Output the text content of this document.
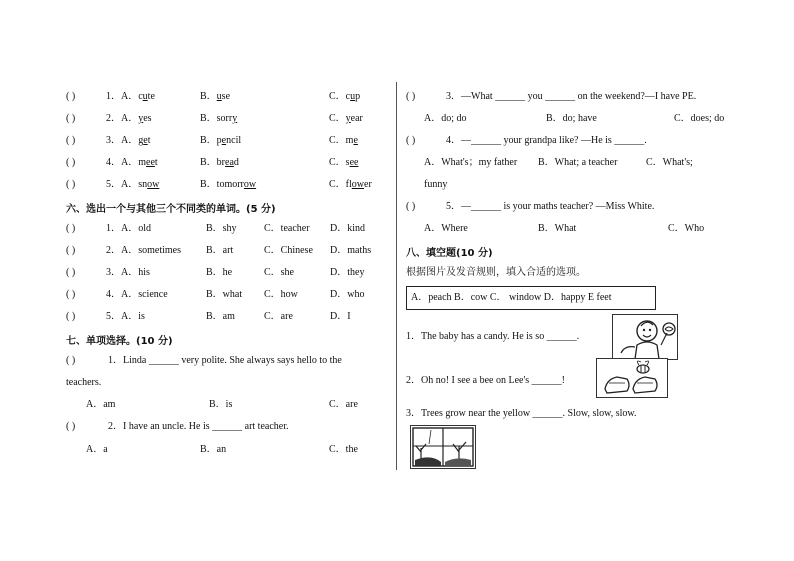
( )	1．A．cute	B．use	C．cup
( )	2．A．yes	B．sorry	C．year
( )	3．A．get	B．pencil	C．me
( )	4．A．meet	B．bread	C．see
( )	5．A．snow	B．tomorrow	C．flower
六、选出一个与其他三个不同类的单词。(5 分)
( )	1．A．old	B．shy	C．teacher D．kind
( )	2．A．sometimes	B．art	C．Chinese D．maths
( )	3．A．his	B．he	C．she	D．they
( )	4．A．science	B．what C．how	D．who
( )	5．A．is	B．am	C．are	D．I
七、单项选择。(10 分)
( )	1．Linda ______ very polite. She always says hello to the
teachers.
A．am	B．is	C．are
( )	2．I have an uncle. He is ______ art teacher.
A．a	B．an	C．the
( )	3．—What ______ you ______ on the weekend?—I have PE.
A．do; do	B．do; have	C．does; do
( )	4．—______ your grandpa like? —He is ______.
A．What's；my father B．What; a teacher	C．What's;
funny
( )	5．—______ is your maths teacher? —Miss White.
A．Where	B．What	C．Who
八、填空题(10 分)
根据图片及发音规则，填入合适的选项。
A．peach B．cow C． window D．happy E feet
1．The baby has a candy. He is so ______.
2．Oh no! I see a bee on Lee's ______!
3．Trees grow near the yellow ______. Slow, slow, slow.
